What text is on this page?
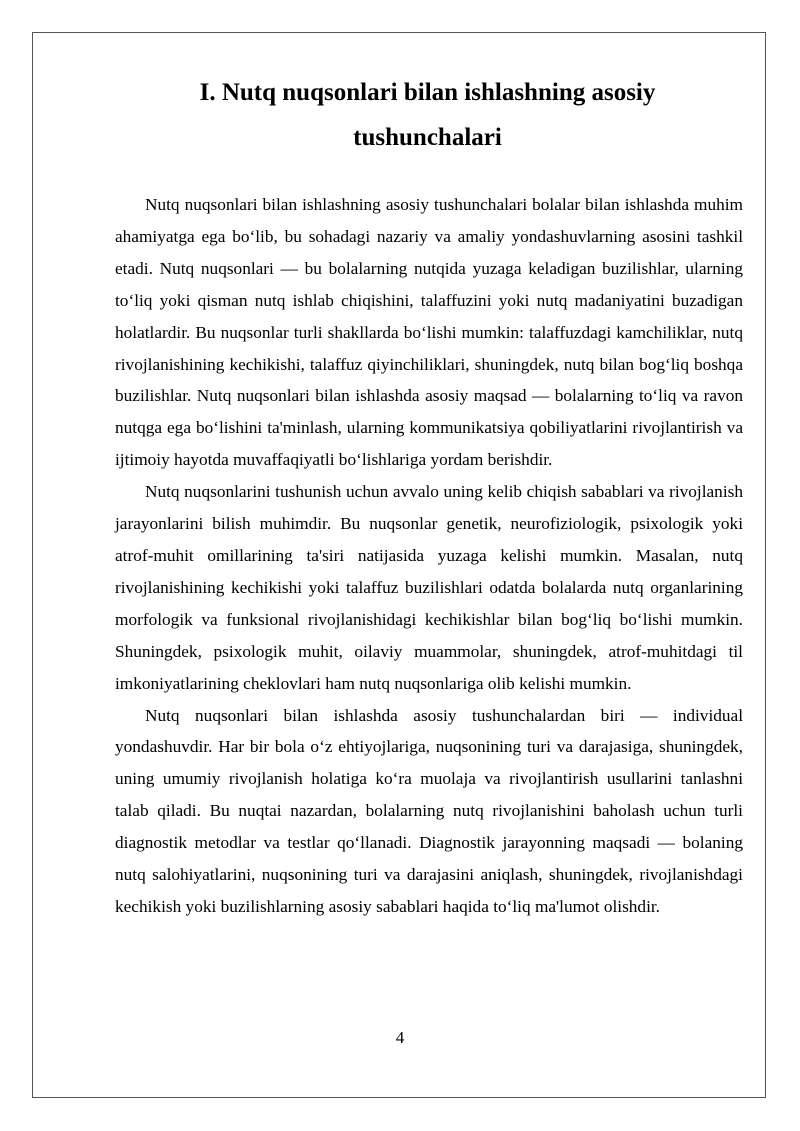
I. Nutq nuqsonlari bilan ishlashning asosiy
tushunchalari

Nutq nuqsonlari bilan ishlashning asosiy tushunchalari bolalar bilan ishlashda muhim ahamiyatga ega bo‘lib, bu sohadagi nazariy va amaliy yondashuvlarning asosini tashkil etadi. Nutq nuqsonlari — bu bolalarning nutqida yuzaga keladigan buzilishlar, ularning to‘liq yoki qisman nutq ishlab chiqishini, talaffuzini yoki nutq madaniyatini buzadigan holatlardir. Bu nuqsonlar turli shakllarda bo‘lishi mumkin: talaffuzdagi kamchiliklar, nutq rivojlanishining kechikishi, talaffuz qiyinchiliklari, shuningdek, nutq bilan bog‘liq boshqa buzilishlar. Nutq nuqsonlari bilan ishlashda asosiy maqsad — bolalarning to‘liq va ravon nutqga ega bo‘lishini ta'minlash, ularning kommunikatsiya qobiliyatlarini rivojlantirish va ijtimoiy hayotda muvaffaqiyatli bo‘lishlariga yordam berishdir.

Nutq nuqsonlarini tushunish uchun avvalo uning kelib chiqish sabablari va rivojlanish jarayonlarini bilish muhimdir. Bu nuqsonlar genetik, neurofiziologik, psixologik yoki atrof-muhit omillarining ta'siri natijasida yuzaga kelishi mumkin. Masalan, nutq rivojlanishining kechikishi yoki talaffuz buzilishlari odatda bolalarda nutq organlarining morfologik va funksional rivojlanishidagi kechikishlar bilan bog‘liq bo‘lishi mumkin. Shuningdek, psixologik muhit, oilaviy muammolar, shuningdek, atrof-muhitdagi til imkoniyatlarining cheklovlari ham nutq nuqsonlariga olib kelishi mumkin.

Nutq nuqsonlari bilan ishlashda asosiy tushunchalardan biri — individual yondashuvdir. Har bir bola o‘z ehtiyojlariga, nuqsonining turi va darajasiga, shuningdek, uning umumiy rivojlanish holatiga ko‘ra muolaja va rivojlantirish usullarini tanlashni talab qiladi. Bu nuqtai nazardan, bolalarning nutq rivojlanishini baholash uchun turli diagnostik metodlar va testlar qo‘llanadi. Diagnostik jarayonning maqsadi — bolaning nutq salohiyatlarini, nuqsonining turi va darajasini aniqlash, shuningdek, rivojlanishdagi kechikish yoki buzilishlarning asosiy sabablari haqida to‘liq ma'lumot olishdir.

4
